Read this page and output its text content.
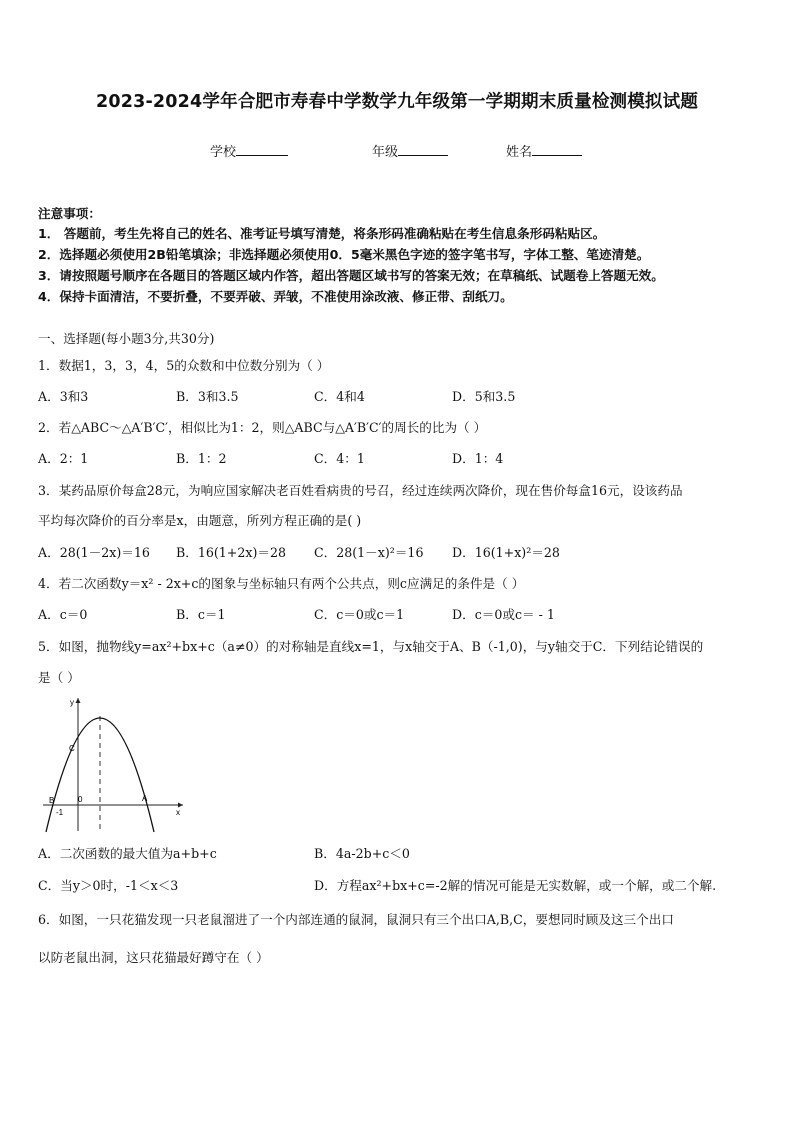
2023-2024学年合肥市寿春中学数学九年级第一学期期末质量检测模拟试题
学校	年级	姓名
注意事项：
1． 答题前，考生先将自己的姓名、准考证号填写清楚，将条形码准确粘贴在考生信息条形码粘贴区。
2．选择题必须使用2B铅笔填涂；非选择题必须使用0．5毫米黑色字迹的签字笔书写，字体工整、笔迹清楚。
3．请按照题号顺序在各题目的答题区域内作答，超出答题区域书写的答案无效；在草稿纸、试题卷上答题无效。
4．保持卡面清洁，不要折叠，不要弄破、弄皱，不准使用涂改液、修正带、刮纸刀。
一、选择题(每小题3分,共30分)
1．数据1，3，3，4，5的众数和中位数分别为（ ）
A．3和3	B．3和3.5	C．4和4	D．5和3.5
2．若△ABC～△A′B′C′，相似比为1：2，则△ABC与△A′B′C′的周长的比为（ ）
A．2：1	B．1：2	C．4：1	D．1：4
3．某药品原价每盒28元，为响应国家解决老百姓看病贵的号召，经过连续两次降价，现在售价每盒16元，设该药品
平均每次降价的百分率是x，由题意，所列方程正确的是( )
A．28(1－2x)＝16 B．16(1+2x)＝28 C．28(1－x)²＝16 D．16(1+x)²＝28
4．若二次函数y＝x² - 2x+c的图象与坐标轴只有两个公共点，则c应满足的条件是（ ）
A．c＝0	B．c＝1	C．c＝0或c＝1	D．c＝0或c＝ - 1
5．如图，抛物线y=ax²+bx+c（a≠0）的对称轴是直线x=1，与x轴交于A、B（-1,0)，与y轴交于C．下列结论错误的
是（ ）
y
x
C
B	A
0
-1
A．二次函数的最大值为a+b+c	B．4a-2b+c＜0
C．当y＞0时，-1＜x＜3	D．方程ax²+bx+c=-2解的情况可能是无实数解，或一个解，或二个解.
6．如图，一只花猫发现一只老鼠溜进了一个内部连通的鼠洞，鼠洞只有三个出口A,B,C，要想同时顾及这三个出口
以防老鼠出洞，这只花猫最好蹲守在（ ）
